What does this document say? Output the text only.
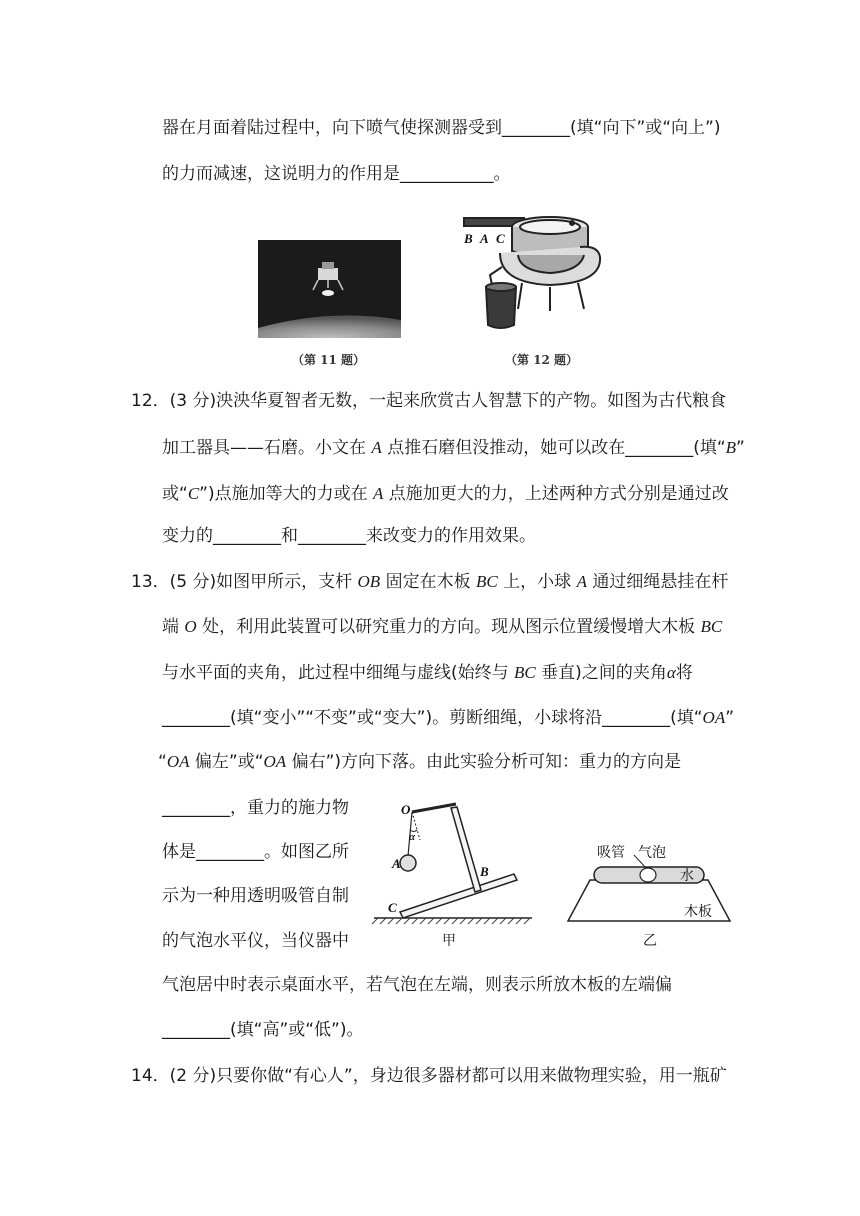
器在月面着陆过程中，向下喷气使探测器受到________(填“向下”或“向上”)
的力而减速，这说明力的作用是___________。
（第 11 题）
B A C
（第 12 题）
12．(3 分)泱泱华夏智者无数，一起来欣赏古人智慧下的产物。如图为古代粮食
加工器具——石磨。小文在 A 点推石磨但没推动，她可以改在________(填“B”
或“C”)点施加等大的力或在 A 点施加更大的力，上述两种方式分别是通过改
变力的________和________来改变力的作用效果。
13．(5 分)如图甲所示，支杆 OB 固定在木板 BC 上，小球 A 通过细绳悬挂在杆
端 O 处，利用此装置可以研究重力的方向。现从图示位置缓慢增大木板 BC
与水平面的夹角，此过程中细绳与虚线(始终与 BC 垂直)之间的夹角α将
________(填“变小”“不变”或“变大”)。剪断细绳，小球将沿________(填“OA”
“OA 偏左”或“OA 偏右”)方向下落。由此实验分析可知：重力的方向是
________，重力的施力物
体是________。如图乙所
示为一种用透明吸管自制
的气泡水平仪，当仪器中
O
α
A
B
C
甲
吸管 气泡
水
木板
乙
气泡居中时表示桌面水平，若气泡在左端，则表示所放木板的左端偏
________(填“高”或“低”)。
14．(2 分)只要你做“有心人”，身边很多器材都可以用来做物理实验，用一瓶矿
